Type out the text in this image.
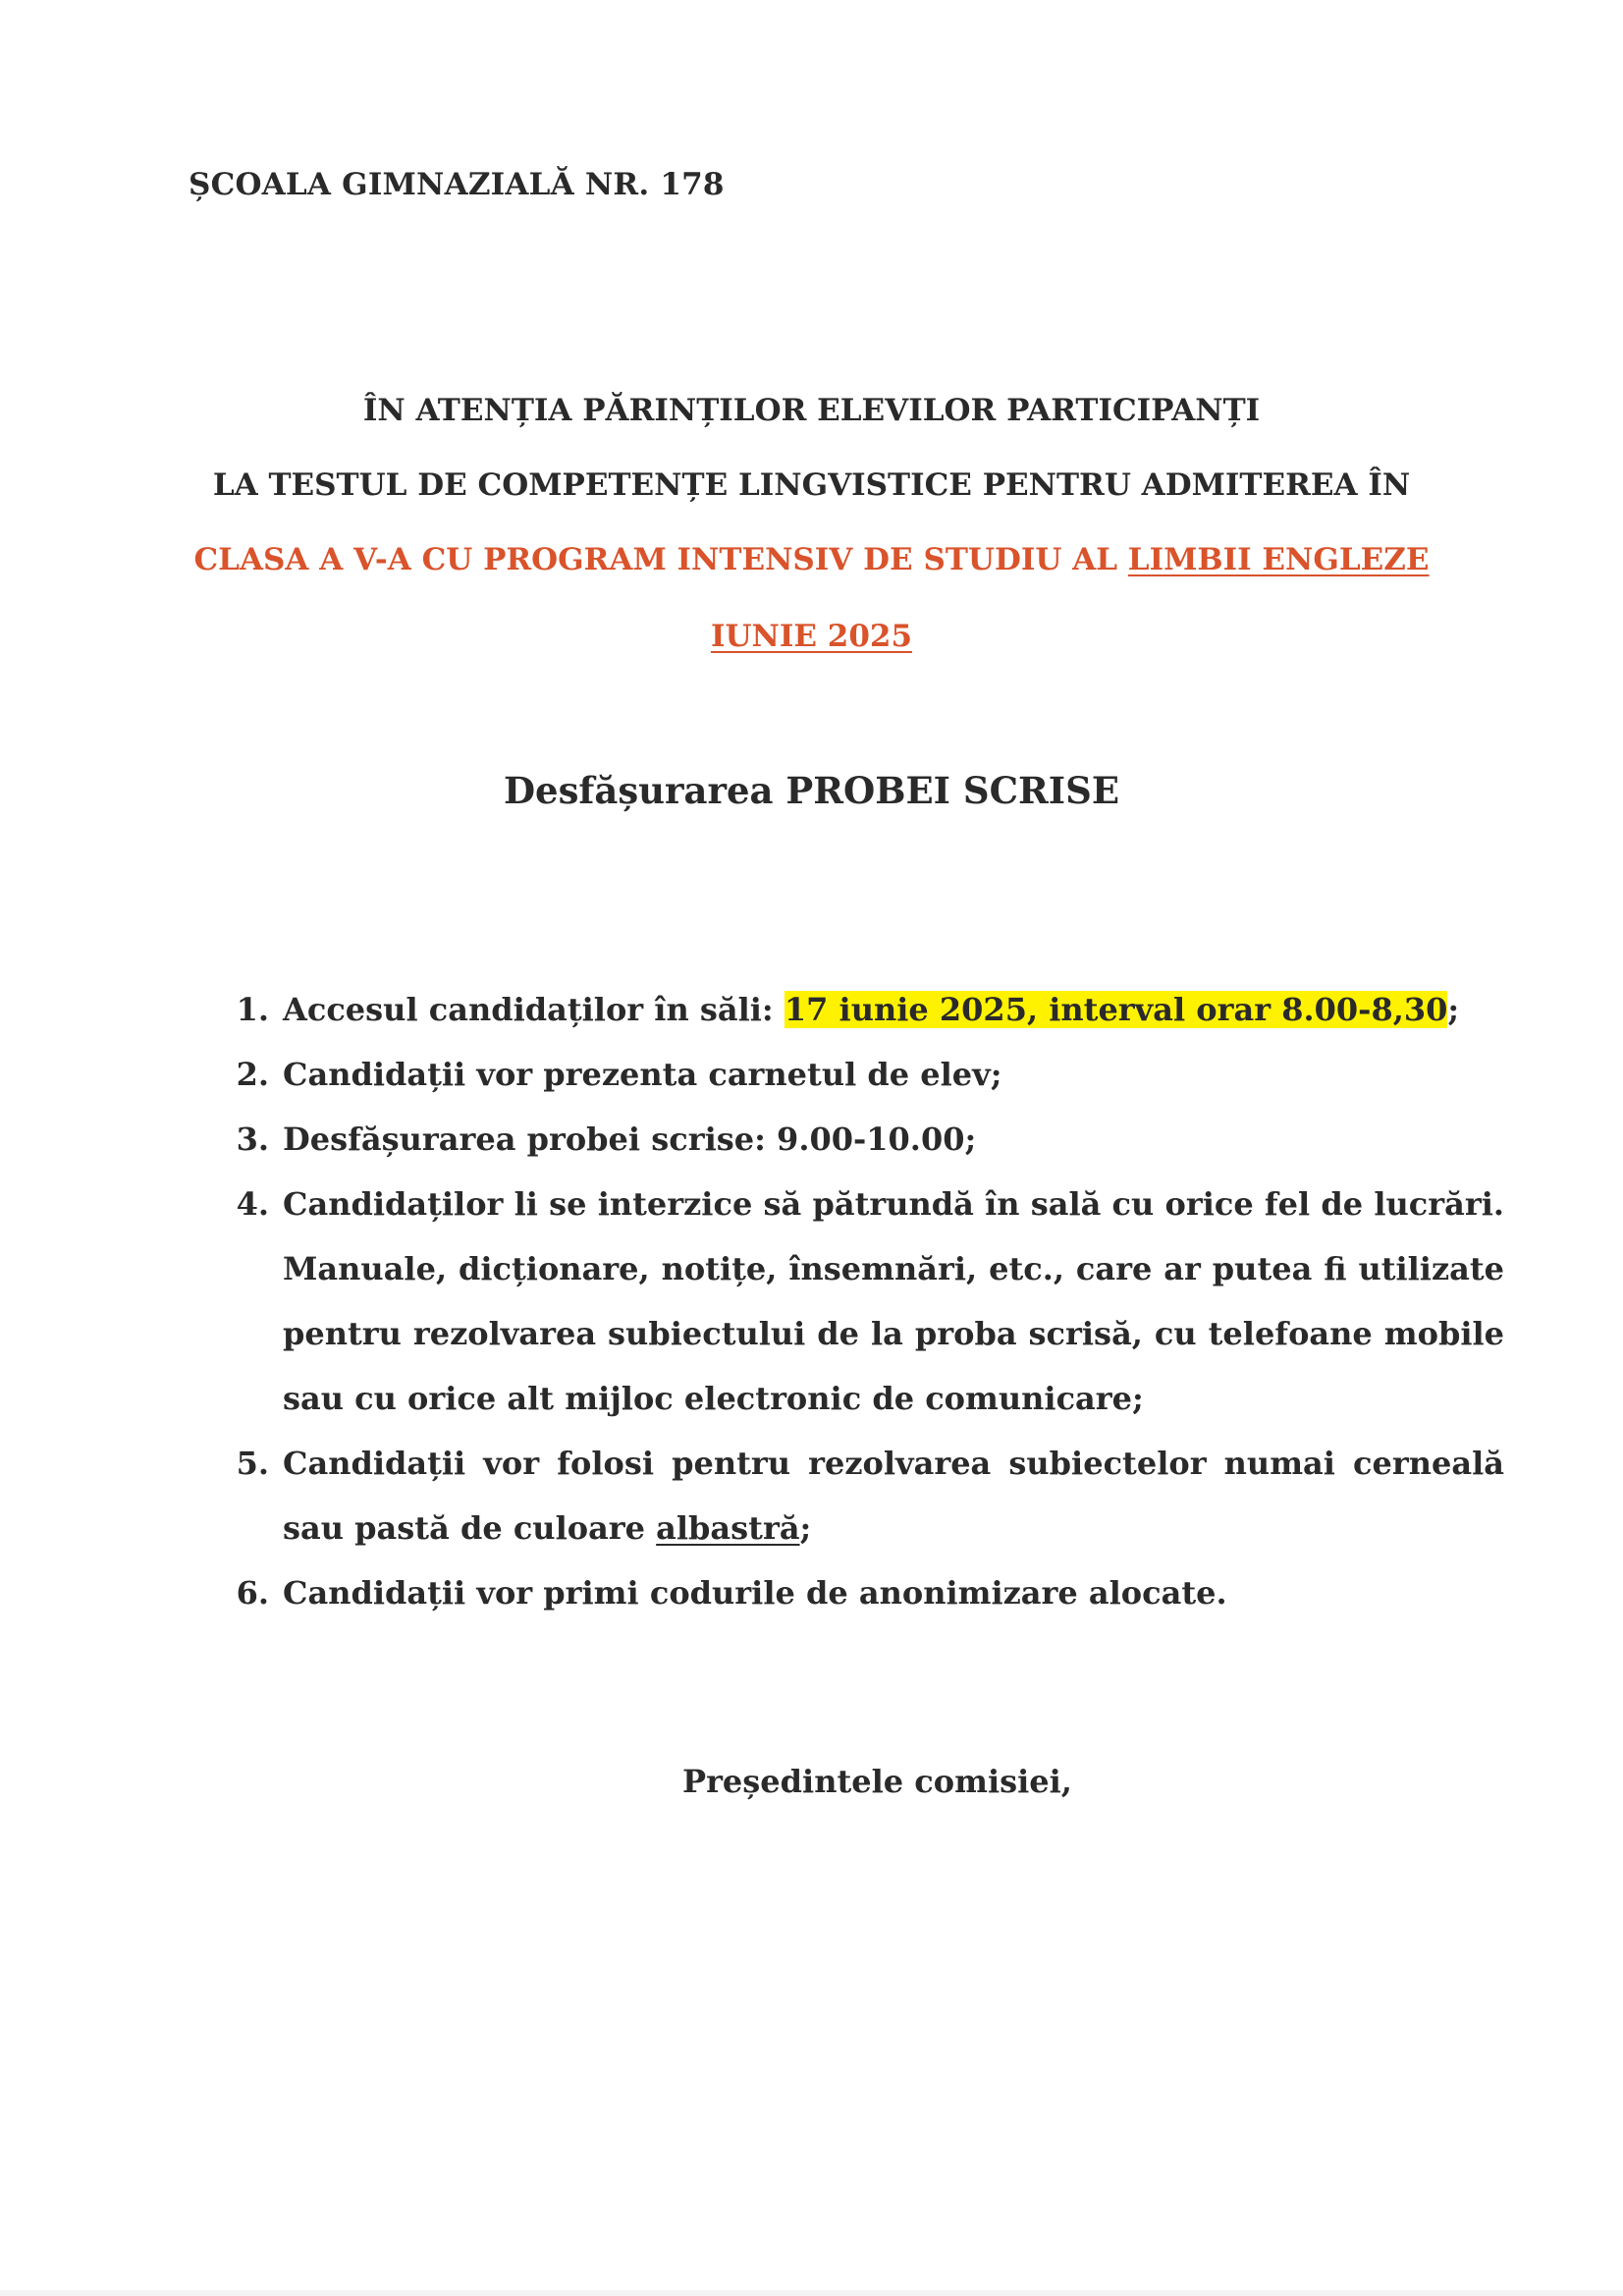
ȘCOALA GIMNAZIALĂ NR. 178
ÎN ATENȚIA PĂRINȚILOR ELEVILOR PARTICIPANȚI
LA TESTUL DE COMPETENȚE LINGVISTICE PENTRU ADMITEREA ÎN
CLASA A V-A CU PROGRAM INTENSIV DE STUDIU AL LIMBII ENGLEZE
IUNIE 2025
Desfășurarea PROBEI SCRISE
1. Accesul candidaților în săli: 17 iunie 2025, interval orar 8.00-8,30;
2. Candidații vor prezenta carnetul de elev;
3. Desfășurarea probei scrise: 9.00-10.00;
4. Candidaților li se interzice să pătrundă în sală cu orice fel de lucrări. Manuale, dicționare, notițe, însemnări, etc., care ar putea fi utilizate pentru rezolvarea subiectului de la proba scrisă, cu telefoane mobile sau cu orice alt mijloc electronic de comunicare;
5. Candidații vor folosi pentru rezolvarea subiectelor numai cerneală sau pastă de culoare albastră;
6. Candidații vor primi codurile de anonimizare alocate.
Președintele comisiei,
